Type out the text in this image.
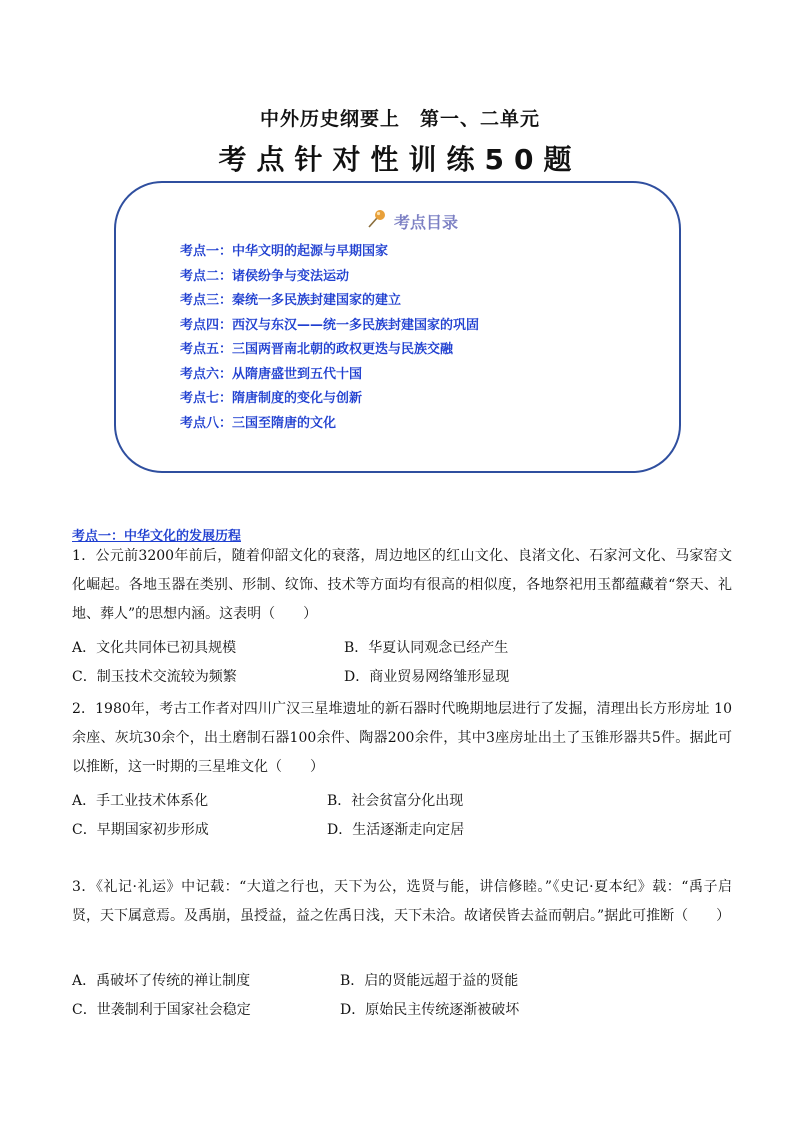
中外历史纲要上　第一、二单元
考点针对性训练50题
考点目录
考点一：中华文明的起源与早期国家
考点二：诸侯纷争与变法运动
考点三：秦统一多民族封建国家的建立
考点四：西汉与东汉——统一多民族封建国家的巩固
考点五：三国两晋南北朝的政权更迭与民族交融
考点六：从隋唐盛世到五代十国
考点七：隋唐制度的变化与创新
考点八：三国至隋唐的文化
考点一：中华文化的发展历程
1．公元前3200年前后，随着仰韶文化的衰落，周边地区的红山文化、良渚文化、石家河文化、马家窑文化崛起。各地玉器在类别、形制、纹饰、技术等方面均有很高的相似度，各地祭祀用玉都蕴藏着“祭天、礼地、葬人”的思想内涵。这表明（　　）
A．文化共同体已初具规模	B．华夏认同观念已经产生
C．制玉技术交流较为频繁	D．商业贸易网络雏形显现
2．1980年，考古工作者对四川广汉三星堆遗址的新石器时代晚期地层进行了发掘，清理出长方形房址 10余座、灰坑30余个，出土磨制石器100余件、陶器200余件，其中3座房址出土了玉锥形器共5件。据此可以推断，这一时期的三星堆文化（　　）
A．手工业技术体系化	B．社会贫富分化出现
C．早期国家初步形成	D．生活逐渐走向定居
3．《礼记·礼运》中记载：“大道之行也，天下为公，选贤与能，讲信修睦。”《史记·夏本纪》载：“禹子启贤，天下属意焉。及禹崩，虽授益，益之佐禹日浅，天下未洽。故诸侯皆去益而朝启。”据此可推断（　　）
A．禹破坏了传统的禅让制度	B．启的贤能远超于益的贤能
C．世袭制利于国家社会稳定	D．原始民主传统逐渐被破坏
